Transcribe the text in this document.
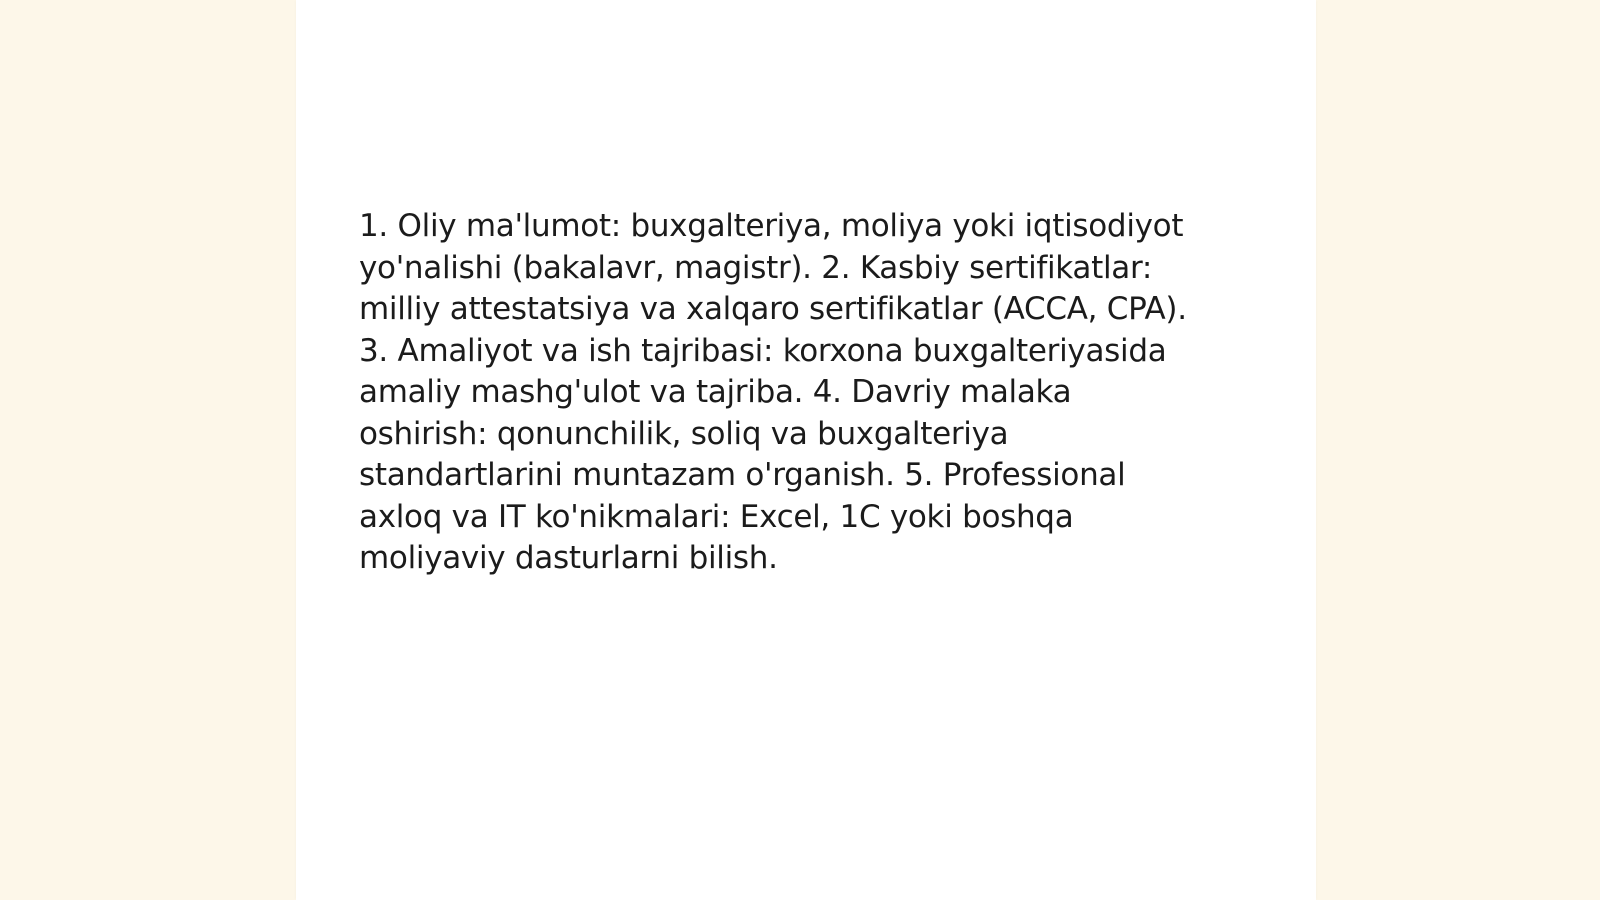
1. Oliy ma'lumot: buxgalteriya, moliya yoki iqtisodiyot
yo'nalishi (bakalavr, magistr). 2. Kasbiy sertifikatlar:
milliy attestatsiya va xalqaro sertifikatlar (ACCA, CPA).
3. Amaliyot va ish tajribasi: korxona buxgalteriyasida
amaliy mashg'ulot va tajriba. 4. Davriy malaka
oshirish: qonunchilik, soliq va buxgalteriya
standartlarini muntazam o'rganish. 5. Professional
axloq va IT ko'nikmalari: Excel, 1C yoki boshqa
moliyaviy dasturlarni bilish.
